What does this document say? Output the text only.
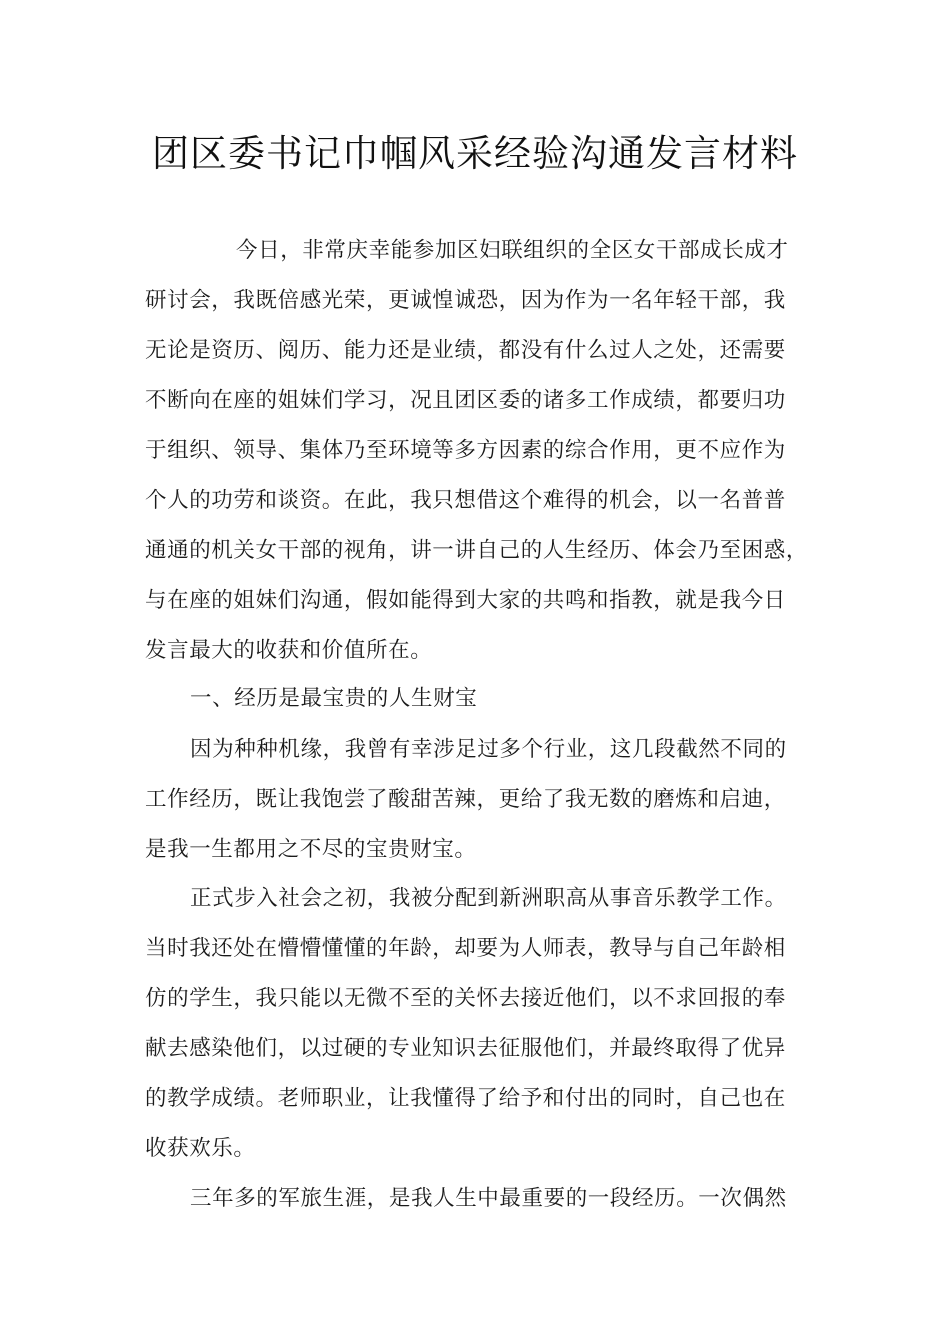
团区委书记巾帼风采经验沟通发言材料
今日，非常庆幸能参加区妇联组织的全区女干部成长成才
研讨会，我既倍感光荣，更诚惶诚恐，因为作为一名年轻干部，我
无论是资历、阅历、能力还是业绩，都没有什么过人之处，还需要
不断向在座的姐妹们学习，况且团区委的诸多工作成绩，都要归功
于组织、领导、集体乃至环境等多方因素的综合作用，更不应作为
个人的功劳和谈资。在此，我只想借这个难得的机会，以一名普普
通通的机关女干部的视角，讲一讲自己的人生经历、体会乃至困惑，
与在座的姐妹们沟通，假如能得到大家的共鸣和指教，就是我今日
发言最大的收获和价值所在。
一、经历是最宝贵的人生财宝
因为种种机缘，我曾有幸涉足过多个行业，这几段截然不同的
工作经历，既让我饱尝了酸甜苦辣，更给了我无数的磨炼和启迪，
是我一生都用之不尽的宝贵财宝。
正式步入社会之初，我被分配到新洲职高从事音乐教学工作。
当时我还处在懵懵懂懂的年龄，却要为人师表，教导与自己年龄相
仿的学生，我只能以无微不至的关怀去接近他们，以不求回报的奉
献去感染他们，以过硬的专业知识去征服他们，并最终取得了优异
的教学成绩。老师职业，让我懂得了给予和付出的同时，自己也在
收获欢乐。
三年多的军旅生涯，是我人生中最重要的一段经历。一次偶然
